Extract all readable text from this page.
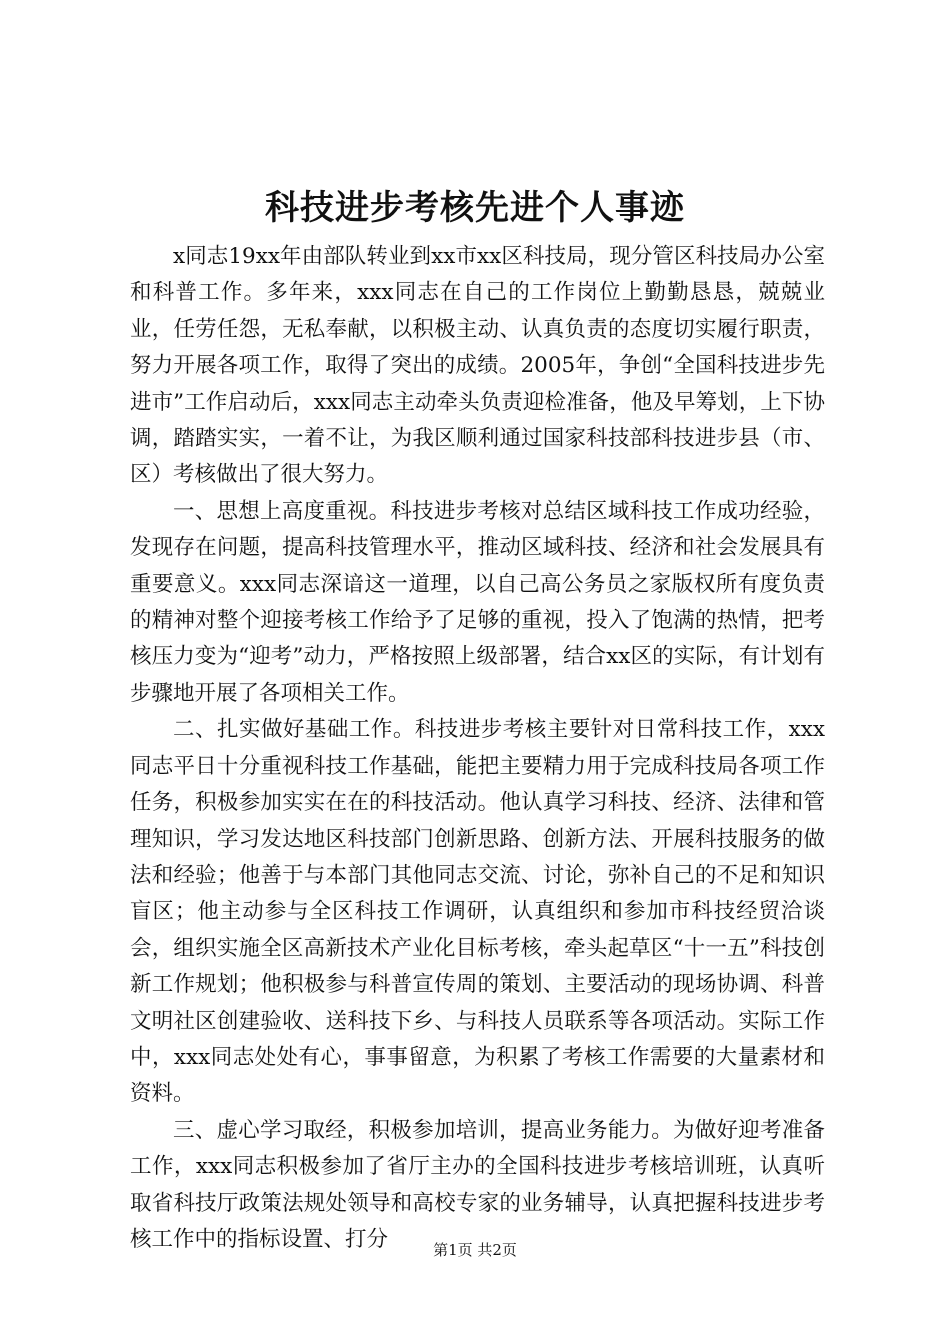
科技进步考核先进个人事迹

x同志19xx年由部队转业到xx市xx区科技局，现分管区科技局办公室和科普工作。多年来，xxx同志在自己的工作岗位上勤勤恳恳，兢兢业业，任劳任怨，无私奉献，以积极主动、认真负责的态度切实履行职责，努力开展各项工作，取得了突出的成绩。2005年，争创“全国科技进步先进市”工作启动后，xxx同志主动牵头负责迎检准备，他及早筹划，上下协调，踏踏实实，一着不让，为我区顺利通过国家科技部科技进步县（市、区）考核做出了很大努力。

一、思想上高度重视。科技进步考核对总结区域科技工作成功经验，发现存在问题，提高科技管理水平，推动区域科技、经济和社会发展具有重要意义。xxx同志深谙这一道理，以自己高公务员之家版权所有度负责的精神对整个迎接考核工作给予了足够的重视，投入了饱满的热情，把考核压力变为“迎考”动力，严格按照上级部署，结合xx区的实际，有计划有步骤地开展了各项相关工作。

二、扎实做好基础工作。科技进步考核主要针对日常科技工作，xxx同志平日十分重视科技工作基础，能把主要精力用于完成科技局各项工作任务，积极参加实实在在的科技活动。他认真学习科技、经济、法律和管理知识，学习发达地区科技部门创新思路、创新方法、开展科技服务的做法和经验；他善于与本部门其他同志交流、讨论，弥补自己的不足和知识盲区；他主动参与全区科技工作调研，认真组织和参加市科技经贸洽谈会，组织实施全区高新技术产业化目标考核，牵头起草区“十一五”科技创新工作规划；他积极参与科普宣传周的策划、主要活动的现场协调、科普文明社区创建验收、送科技下乡、与科技人员联系等各项活动。实际工作中，xxx同志处处有心，事事留意，为积累了考核工作需要的大量素材和资料。

三、虚心学习取经，积极参加培训，提高业务能力。为做好迎考准备工作，xxx同志积极参加了省厅主办的全国科技进步考核培训班，认真听取省科技厅政策法规处领导和高校专家的业务辅导，认真把握科技进步考核工作中的指标设置、打分	第1页 共2页
